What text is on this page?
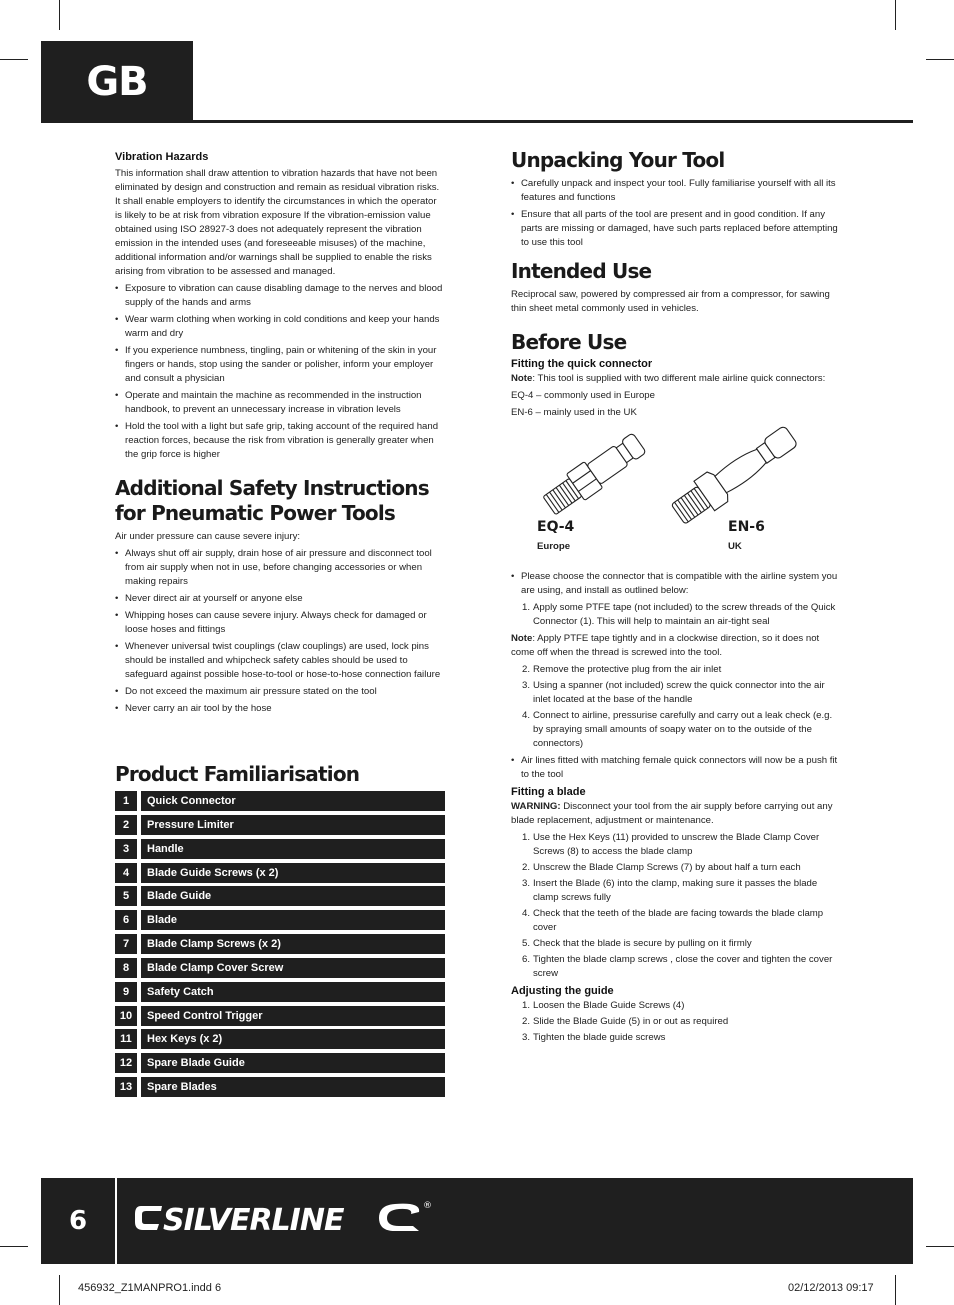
GB
Vibration Hazards

This information shall draw attention to vibration hazards that have not been eliminated by design and construction and remain as residual vibration risks. It shall enable employers to identify the circumstances in which the operator is likely to be at risk from vibration exposure If the vibration-emission value obtained using ISO 28927-3 does not adequately represent the vibration emission in the intended uses (and foreseeable misuses) of the machine, additional information and/or warnings shall be supplied to enable the risks arising from vibration to be assessed and managed.

• Exposure to vibration can cause disabling damage to the nerves and blood supply of the hands and arms
• Wear warm clothing when working in cold conditions and keep your hands warm and dry
• If you experience numbness, tingling, pain or whitening of the skin in your fingers or hands, stop using the sander or polisher, inform your employer and consult a physician
• Operate and maintain the machine as recommended in the instruction handbook, to prevent an unnecessary increase in vibration levels
• Hold the tool with a light but safe grip, taking account of the required hand reaction forces, because the risk from vibration is generally greater when the grip force is higher
Additional Safety Instructions
for Pneumatic Power Tools

Air under pressure can cause severe injury:

• Always shut off air supply, drain hose of air pressure and disconnect tool from air supply when not in use, before changing accessories or when making repairs
• Never direct air at yourself or anyone else
• Whipping hoses can cause severe injury. Always check for damaged or loose hoses and fittings
• Whenever universal twist couplings (claw couplings) are used, lock pins should be installed and whipcheck safety cables should be used to safeguard against possible hose-to-tool or hose-to-hose connection failure
• Do not exceed the maximum air pressure stated on the tool
• Never carry an air tool by the hose
Product Familiarisation
1	Quick Connector
2	Pressure Limiter
3	Handle
4	Blade Guide Screws (x 2)
5	Blade Guide
6	Blade
7	Blade Clamp Screws (x 2)
8	Blade Clamp Cover Screw
9	Safety Catch
10	Speed Control Trigger
11	Hex Keys (x 2)
12	Spare Blade Guide
13	Spare Blades
Unpacking Your Tool
• Carefully unpack and inspect your tool. Fully familiarise yourself with all its features and functions
• Ensure that all parts of the tool are present and in good condition. If any parts are missing or damaged, have such parts replaced before attempting to use this tool
Intended Use

Reciprocal saw, powered by compressed air from a compressor, for sawing thin sheet metal commonly used in vehicles.

Before Use
Fitting the quick connector

Note: This tool is supplied with two different male airline quick connectors:

EQ-4 – commonly used in Europe

EN-6 – mainly used in the UK

EQ-4
Europe
EN-6
UK
• Please choose the connector that is compatible with the airline system you are using, and install as outlined below:
1. Apply some PTFE tape (not included) to the screw threads of the Quick Connector (1). This will help to maintain an air-tight seal

Note: Apply PTFE tape tightly and in a clockwise direction, so it does not come off when the thread is screwed into the tool.

2. Remove the protective plug from the air inlet
3. Using a spanner (not included) screw the quick connector into the air inlet located at the base of the handle
4. Connect to airline, pressurise carefully and carry out a leak check (e.g. by spraying small amounts of soapy water on to the outside of the connectors)
• Air lines fitted with matching female quick connectors will now be a push fit to the tool
Fitting a blade

WARNING: Disconnect your tool from the air supply before carrying out any blade replacement, adjustment or maintenance.

1. Use the Hex Keys (11) provided to unscrew the Blade Clamp Cover Screws (8) to access the blade clamp
2. Unscrew the Blade Clamp Screws (7) by about half a turn each
3. Insert the Blade (6) into the clamp, making sure it passes the blade clamp screws fully
4. Check that the teeth of the blade are facing towards the blade clamp cover
5. Check that the blade is secure by pulling on it firmly
6. Tighten the blade clamp screws , close the cover and tighten the cover screw
Adjusting the guide
1. Loosen the Blade Guide Screws (4)
2. Slide the Blade Guide (5) in or out as required
3. Tighten the blade guide screws
6	SILVERLINE	®
456932_Z1MANPRO1.indd 6	02/12/2013 09:17
